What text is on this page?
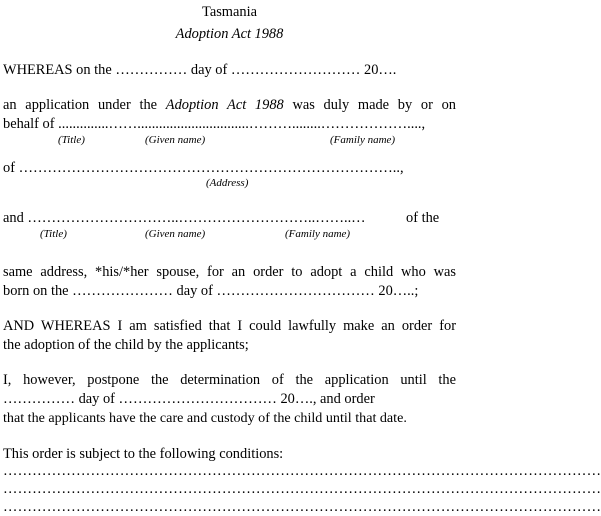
Tasmania
Adoption Act 1988
WHEREAS on the …………… day of ……………………… 20….
an application under the Adoption Act 1988 was duly made by or on
behalf of ..............……...............................………........………………....,
(Title)	(Given name)	(Family name)
of ……………………………………………………………………..,
(Address)
and …………………………..………………………..……..…	of the
(Title)	(Given name)	(Family name)
same address, *his/*her spouse, for an order to adopt a child who was
born on the ………………… day of …………………………… 20…..;
AND WHEREAS I am satisfied that I could lawfully make an order for
the adoption of the child by the applicants;
I, however, postpone the determination of the application until the
…………… day of …………………………… 20…., and order
that the applicants have the care and custody of the child until that date.
This order is subject to the following conditions:
……………………………………………………………………………………………………………
……………………………………………………………………………………………………………
……………………………………………………………………………………………………………
